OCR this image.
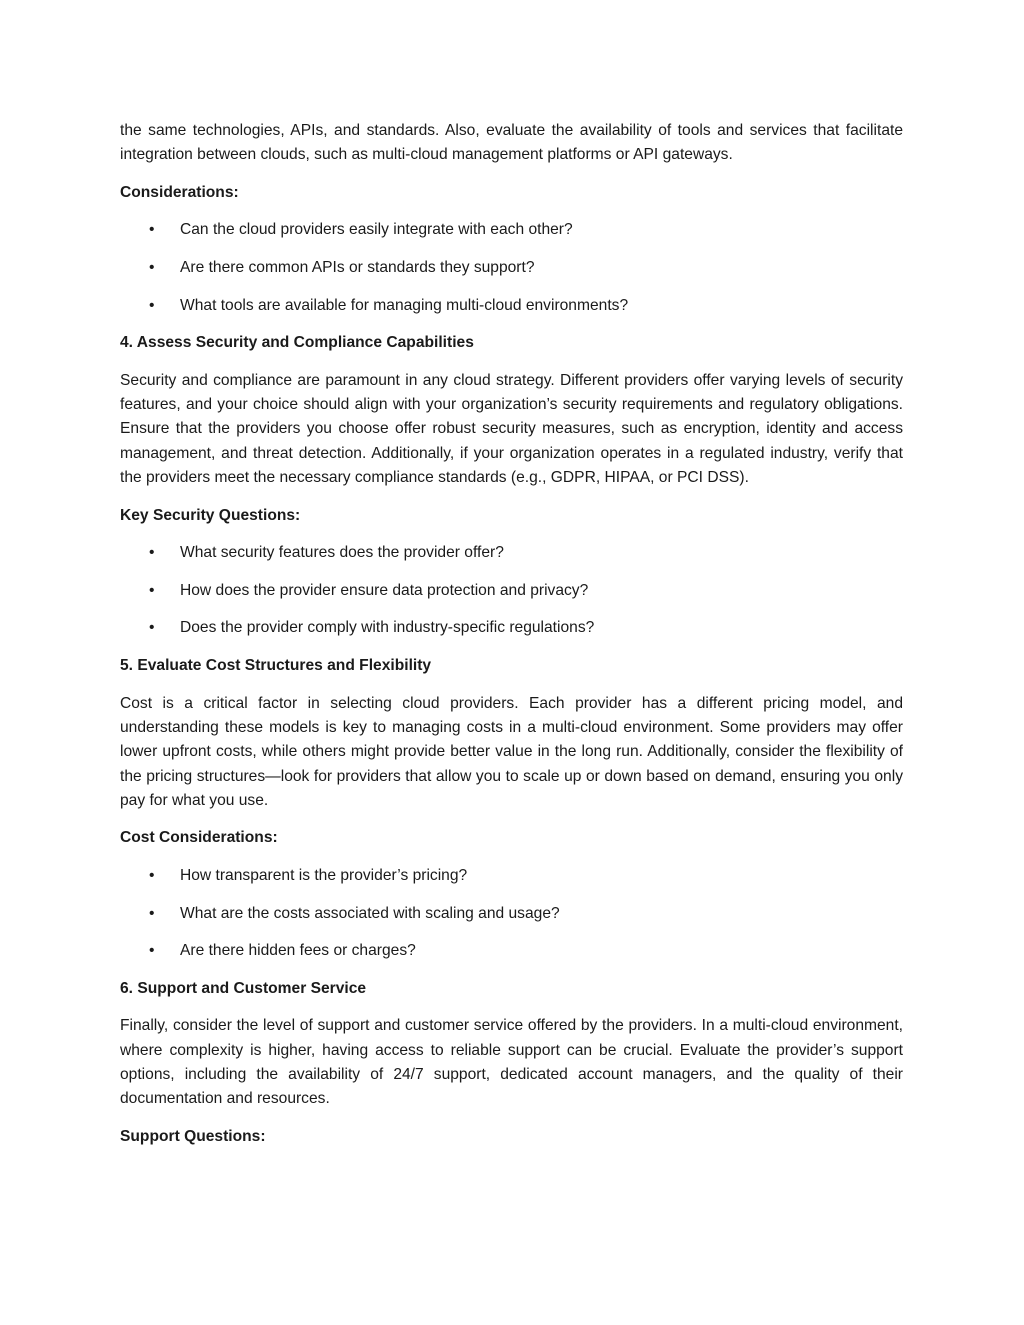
the same technologies, APIs, and standards. Also, evaluate the availability of tools and services that facilitate integration between clouds, such as multi-cloud management platforms or API gateways.

Considerations:
• Can the cloud providers easily integrate with each other?
• Are there common APIs or standards they support?
• What tools are available for managing multi-cloud environments?
4. Assess Security and Compliance Capabilities

Security and compliance are paramount in any cloud strategy. Different providers offer varying levels of security features, and your choice should align with your organization’s security requirements and regulatory obligations. Ensure that the providers you choose offer robust security measures, such as encryption, identity and access management, and threat detection. Additionally, if your organization operates in a regulated industry, verify that the providers meet the necessary compliance standards (e.g., GDPR, HIPAA, or PCI DSS).

Key Security Questions:
• What security features does the provider offer?
• How does the provider ensure data protection and privacy?
• Does the provider comply with industry-specific regulations?
5. Evaluate Cost Structures and Flexibility

Cost is a critical factor in selecting cloud providers. Each provider has a different pricing model, and understanding these models is key to managing costs in a multi-cloud environment. Some providers may offer lower upfront costs, while others might provide better value in the long run. Additionally, consider the flexibility of the pricing structures—look for providers that allow you to scale up or down based on demand, ensuring you only pay for what you use.

Cost Considerations:
• How transparent is the provider’s pricing?
• What are the costs associated with scaling and usage?
• Are there hidden fees or charges?
6. Support and Customer Service

Finally, consider the level of support and customer service offered by the providers. In a multi-cloud environment, where complexity is higher, having access to reliable support can be crucial. Evaluate the provider’s support options, including the availability of 24/7 support, dedicated account managers, and the quality of their documentation and resources.

Support Questions:
